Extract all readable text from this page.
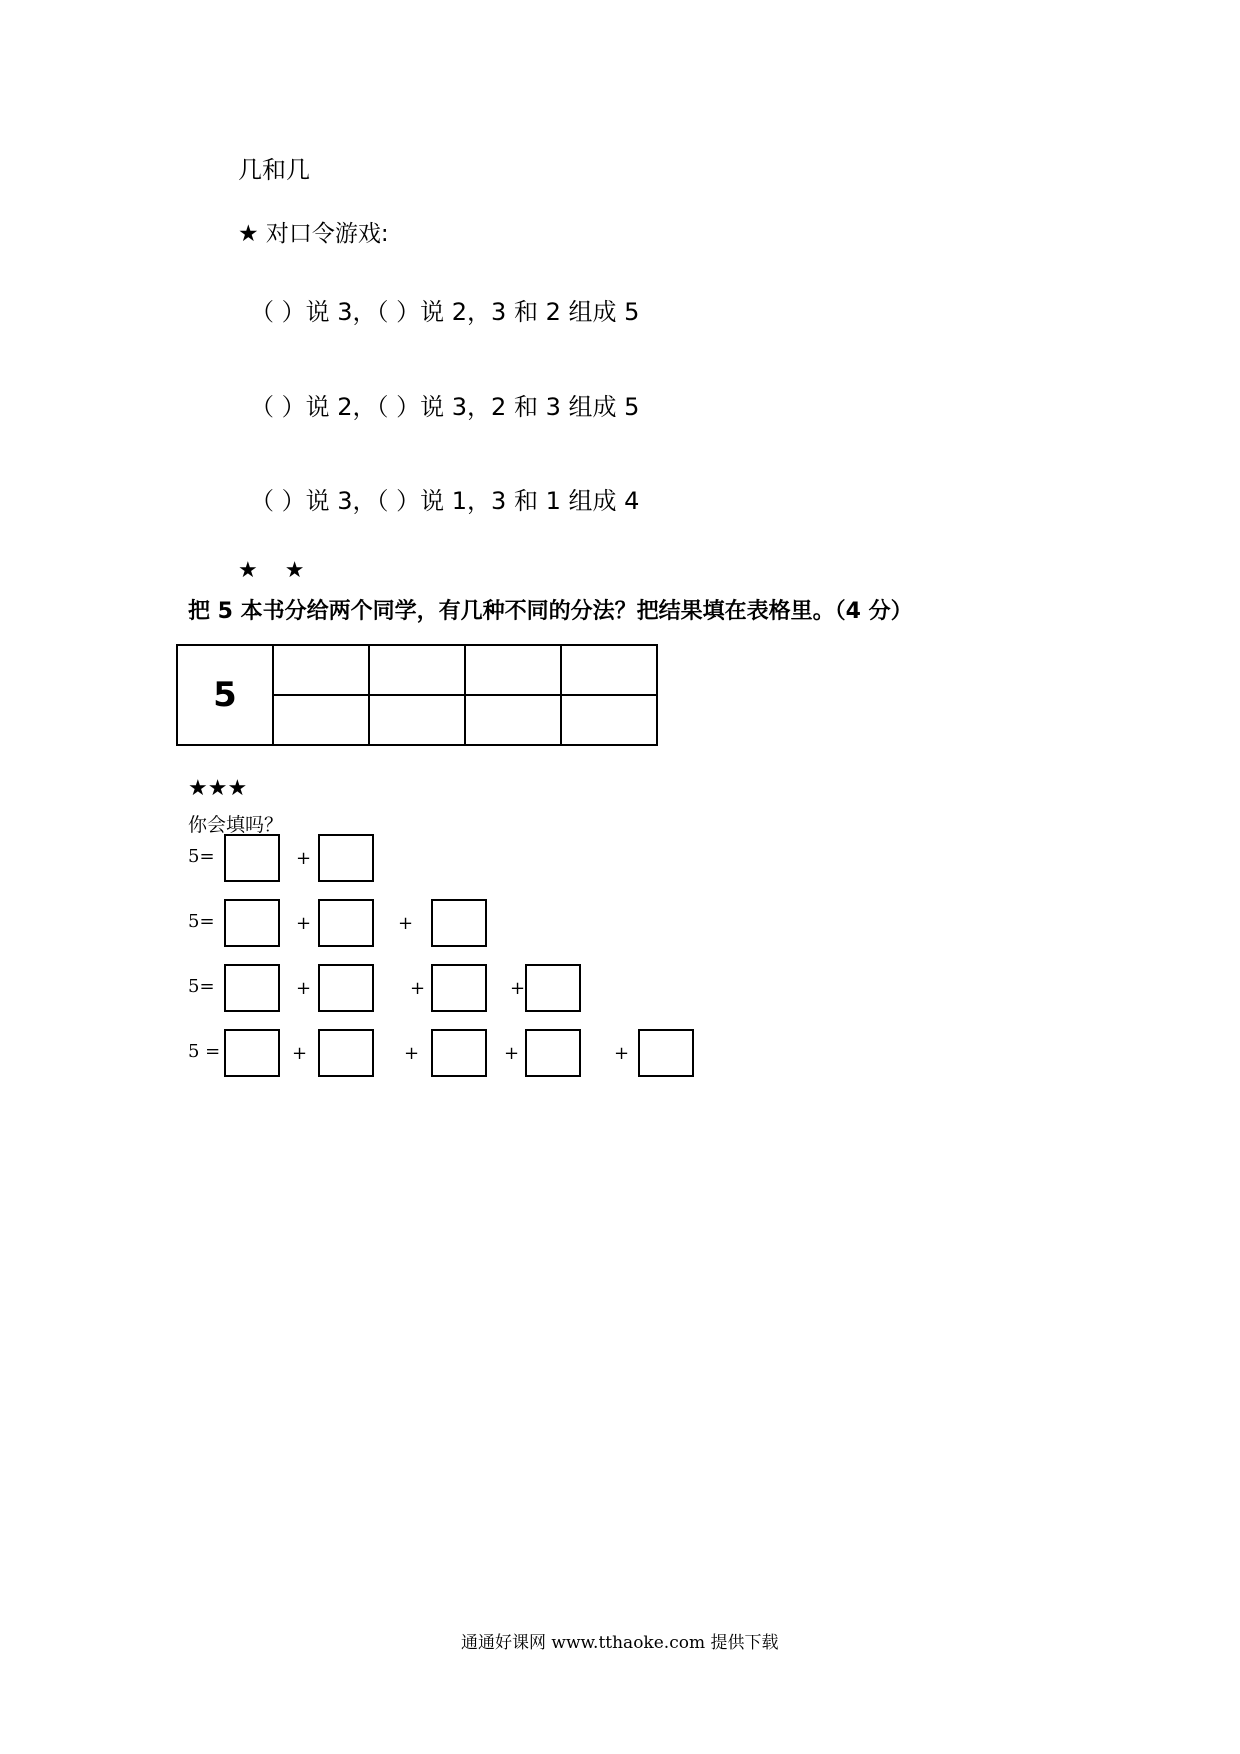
几和几
★ 对口令游戏:
（ ）说 3，（ ）说 2，3 和 2 组成 5
（ ）说 2，（ ）说 3，2 和 3 组成 5
（ ）说 3，（ ）说 1，3 和 1 组成 4
★ ★
把 5 本书分给两个同学，有几种不同的分法？把结果填在表格里。（4 分）
5				

★★★
你会填吗？
5=	+
5=	+	+
5=	+	+	+
5 =	+	+	+	+
通通好课网 www.tthaoke.com 提供下载
